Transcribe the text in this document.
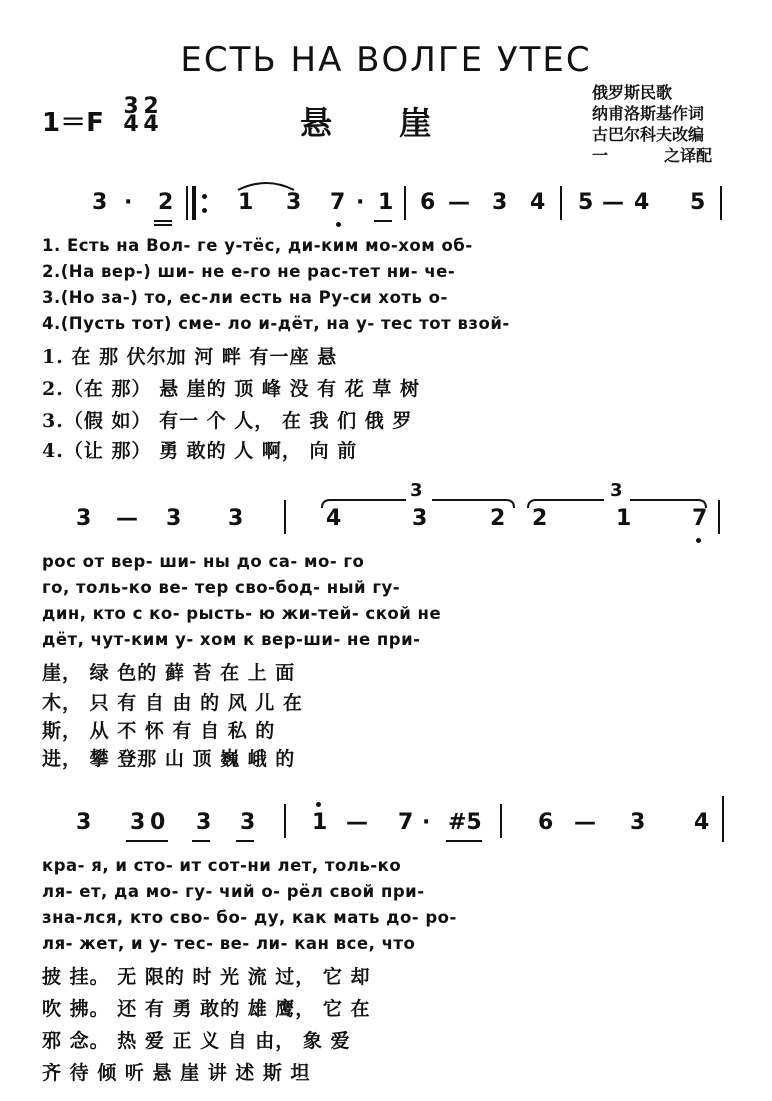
ЕСТЬ НА ВОЛГЕ УТЕС
1＝F
3
4
2
4	悬 崖
俄罗斯民歌
纳甫洛斯基作词
古巴尔科夫改编
一	之译配
3 · 2	1 3 7 · 1 6 — 3 4 5 — 4 5
1. Есть на Вол- ге у-тёс, ди-ким мо-хом об-
2.(На вер-) ши- не е-го не рас-тет ни- че-
3.(Но за-) то, ес-ли есть на Ру-си хоть о-
4.(Пусть тот) сме- ло и-дёт, на у- тес тот взой-
1. 在 那 伏尔加 河 畔 有一座 悬
2.（在 那） 悬 崖的 顶 峰 没 有 花 草 树
3.（假 如） 有一 个 人， 在 我 们 俄 罗
4.（让 那） 勇 敢的 人 啊， 向 前
3 — 3 3
3
4	3	2
3
2	1	7
рос от вер- ши- ны до са- мо- го
го, толь-ко ве- тер сво-бод- ный гу-
дин, кто с ко- рысть- ю жи-тей- ской не
дёт, чут-ким у- хом к вер-ши- не при-
崖， 绿 色的 藓 苔 在 上 面
木， 只 有 自 由 的 风 儿 在
斯， 从 不 怀 有 自 私 的
进， 攀 登那 山 顶 巍 峨 的
3 3 0 3 3	1 — 7 · #5	6 — 3 4
кра- я, и сто- ит сот-ни лет, толь-ко
ля- ет, да мо- гу- чий о- рёл свой при-
зна-лся, кто сво- бо- ду, как мать до- ро-
ля- жет, и у- тес- ве- ли- кан все, что
披 挂。 无 限的 时 光 流 过， 它 却
吹 拂。 还 有 勇 敢的 雄 鹰， 它 在
邪 念。 热 爱 正 义 自 由， 象 爱
齐 待 倾 听 悬 崖 讲 述 斯 坦
